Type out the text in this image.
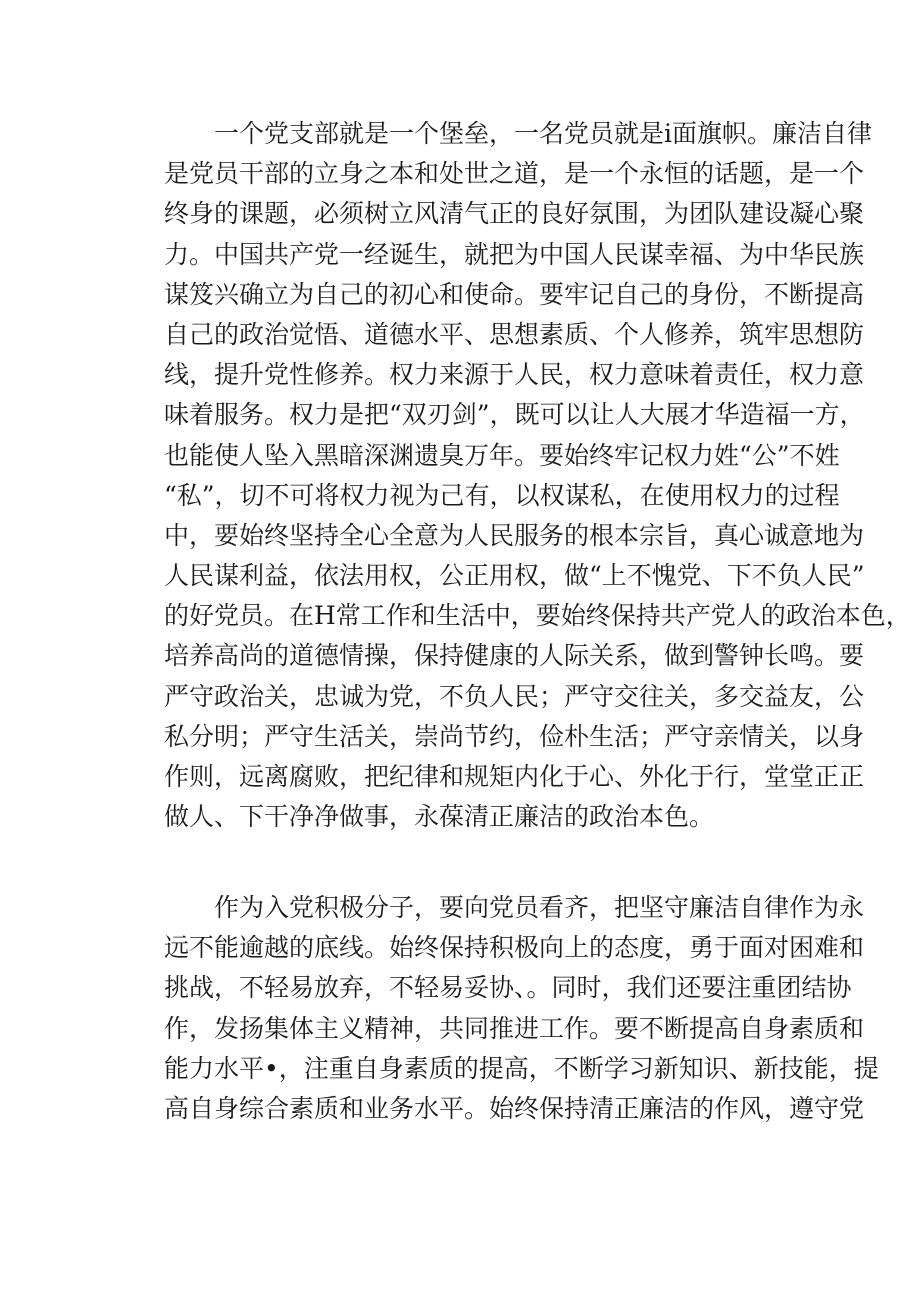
　　一个党支部就是一个堡垒，一名党员就是i面旗帜。廉洁自律
是党员干部的立身之本和处世之道，是一个永恒的话题，是一个
终身的课题，必须树立风清气正的良好氛围，为团队建设凝心聚
力。中国共产党一经诞生，就把为中国人民谋幸福、为中华民族
谋笈兴确立为自己的初心和使命。要牢记自己的身份，不断提高
自己的政治觉悟、道德水平、思想素质、个人修养，筑牢思想防
线，提升党性修养。权力来源于人民，权力意味着责任，权力意
味着服务。权力是把“双刃剑”，既可以让人大展才华造福一方，
也能使人坠入黑暗深渊遗臭万年。要始终牢记权力姓“公”不姓
“私”，切不可将权力视为己有，以权谋私，在使用权力的过程
中，要始终坚持全心全意为人民服务的根本宗旨，真心诚意地为
人民谋利益，依法用权，公正用权，做“上不愧党、下不负人民”
的好党员。在H常工作和生活中，要始终保持共产党人的政治本色，
培养高尚的道德情操，保持健康的人际关系，做到警钟长鸣。要
严守政治关，忠诚为党，不负人民；严守交往关，多交益友，公
私分明；严守生活关，崇尚节约，俭朴生活；严守亲情关，以身
作则，远离腐败，把纪律和规矩内化于心、外化于行，堂堂正正
做人、下干净净做事，永葆清正廉洁的政治本色。
　　作为入党积极分子，要向党员看齐，把坚守廉洁自律作为永
远不能逾越的底线。始终保持积极向上的态度，勇于面对困难和
挑战，不轻易放弃，不轻易妥协、。同时，我们还要注重团结协
作，发扬集体主义精神，共同推进工作。要不断提高自身素质和
能力水平•，注重自身素质的提高，不断学习新知识、新技能，提
高自身综合素质和业务水平。始终保持清正廉洁的作风，遵守党
